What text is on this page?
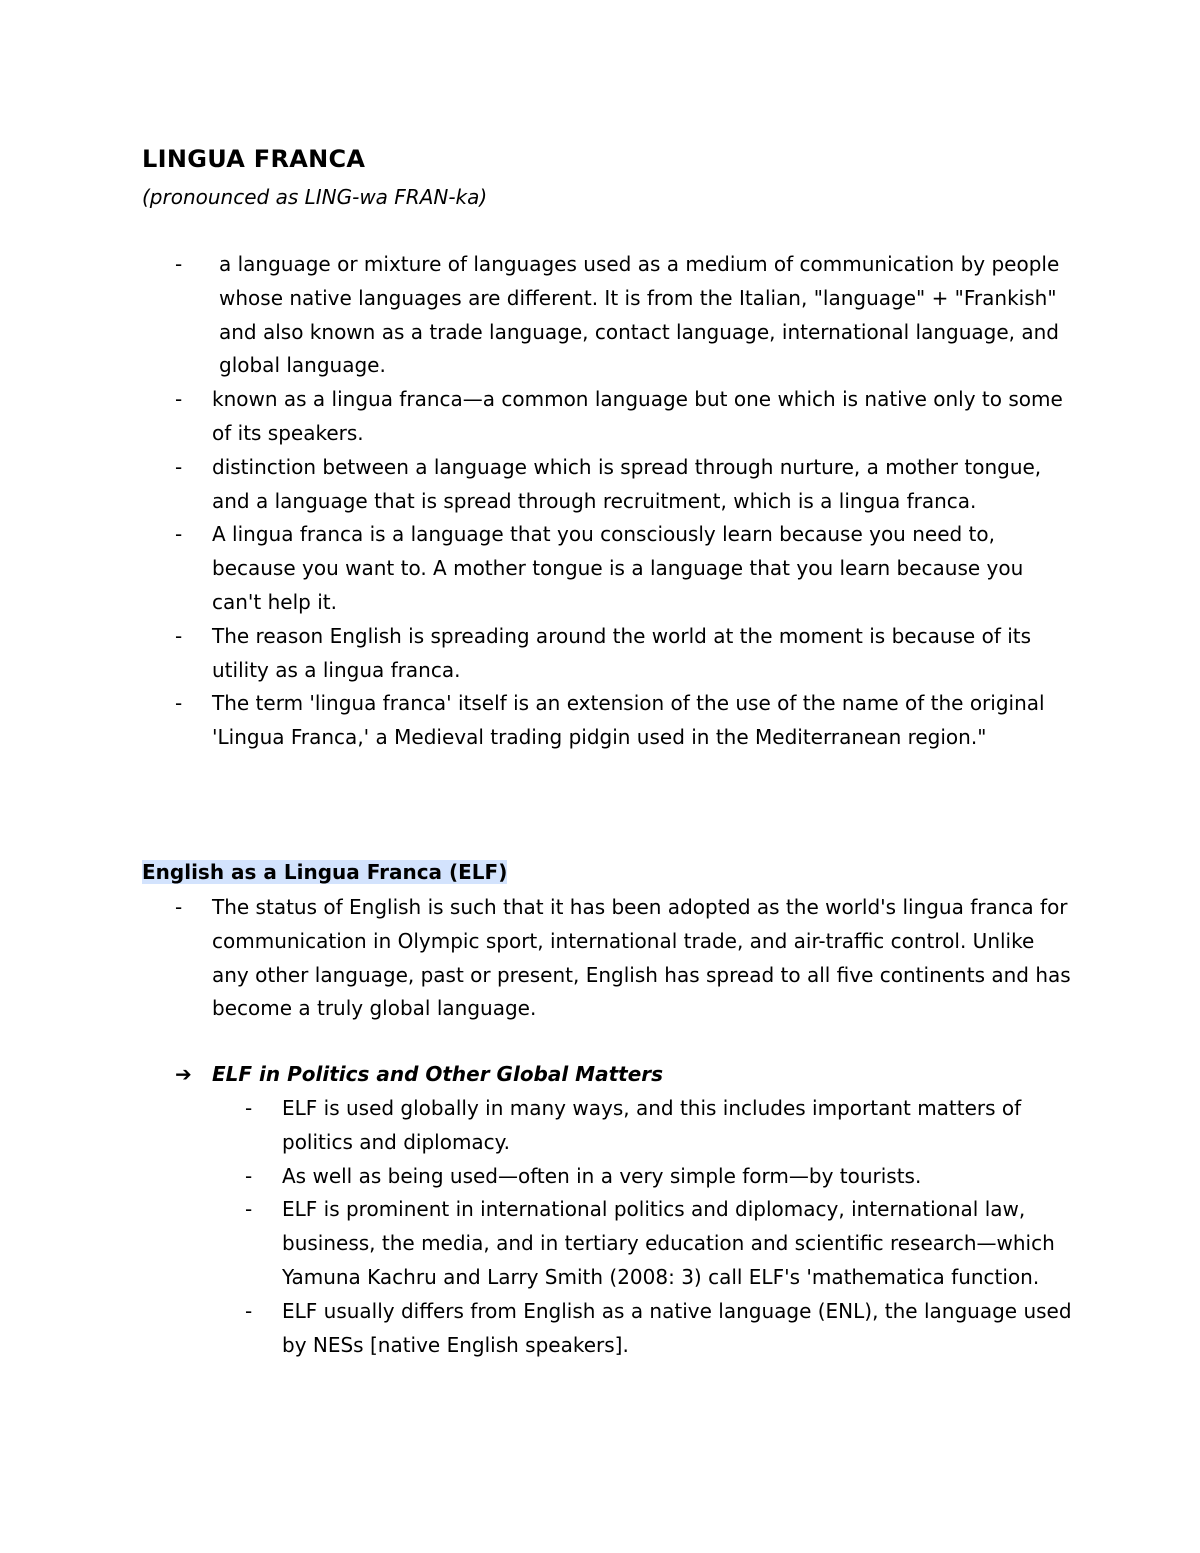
LINGUA FRANCA

(pronounced as LING-wa FRAN-ka)

-	a language or mixture of languages used as a medium of communication by people whose native languages are different. It is from the Italian, "language" + "Frankish" and also known as a trade language, contact language, international language, and global language.
- known as a lingua franca—a common language but one which is native only to some of its speakers.
- distinction between a language which is spread through nurture, a mother tongue, and a language that is spread through recruitment, which is a lingua franca.
- A lingua franca is a language that you consciously learn because you need to, because you want to. A mother tongue is a language that you learn because you can't help it.
- The reason English is spreading around the world at the moment is because of its utility as a lingua franca.
- The term 'lingua franca' itself is an extension of the use of the name of the original 'Lingua Franca,' a Medieval trading pidgin used in the Mediterranean region."
English as a Lingua Franca (ELF)
- The status of English is such that it has been adopted as the world's lingua franca for communication in Olympic sport, international trade, and air-traffic control. Unlike any other language, past or present, English has spread to all five continents and has become a truly global language.
➔ ELF in Politics and Other Global Matters
- ELF is used globally in many ways, and this includes important matters of politics and diplomacy.
- As well as being used—often in a very simple form—by tourists.
- ELF is prominent in international politics and diplomacy, international law, business, the media, and in tertiary education and scientific research—which Yamuna Kachru and Larry Smith (2008: 3) call ELF's 'mathematica function.
- ELF usually differs from English as a native language (ENL), the language used by NESs [native English speakers].
